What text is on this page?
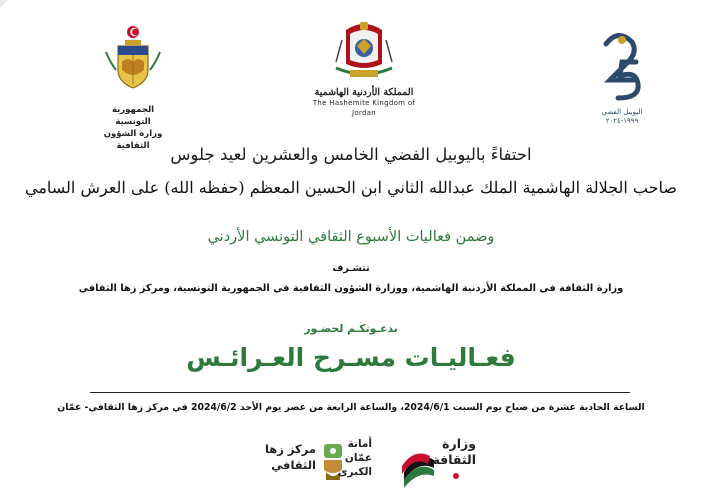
الجمهورية التونسية
وزارة الشؤون الثقافية
المملكة الأردنية الهاشمية
The Hashemite Kingdom of Jordan	اليوبيل الفضي
١٩٩٩-٢٠٢٤
احتفاءً باليوبيل الفضي الخامس والعشرين لعيد جلوس
صاحب الجلالة الهاشمية الملك عبدالله الثاني ابن الحسين المعظم (حفظه الله) على العرش السامي
وضمن فعاليات الأسبوع الثقافي التونسي الأردني
تتشـرف
وزارة الثقافة في المملكة الأردنية الهاشمية، ووزارة الشؤون الثقافية في الجمهورية التونسية، ومركز زها الثقافي
بدعـوتكـم لحضـور
فعـاليـات مسـرح العـرائـس
الساعة الحادية عشرة من صباح يوم السبت 2024/6/1، والساعة الرابعة من عصر يوم الأحد 2024/6/2 في مركز زها الثقافي- عمّان
وزارة
الثقافة
أمانة
عمّان
الكبرى
مركز زها
الثقافي
